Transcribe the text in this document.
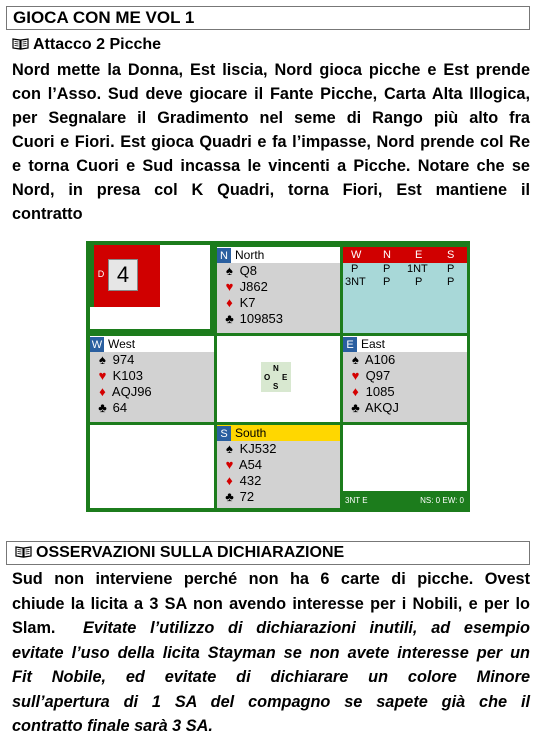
GIOCA CON ME VOL 1
Attacco 2 Picche
Nord mette la Donna, Est liscia, Nord gioca picche e Est prende
con l’Asso. Sud deve giocare il Fante Picche, Carta Alta Illogica,
per Segnalare il Gradimento nel seme di Rango più alto fra
Cuori e Fiori. Est gioca Quadri e fa l’impasse, Nord prende col Re
e torna Cuori e Sud incassa le vincenti a Picche. Notare che se
Nord, in presa col K Quadri, torna Fiori, Est mantiene il
contratto
D 4
N North
♠ Q8
♥ J862
♦ K7
♣ 109853
W N E S
P P 1NT P
3NT P P P
W West
♠ 974
♥ K103
♦ AQJ96
♣ 64
N
O E
S
E East
♠ A106
♥ Q97
♦ 1085
♣ AKQJ
S South
♠ KJ532
♥ A54
♦ 432
♣ 72	3NT E	NS: 0 EW: 0
OSSERVAZIONI SULLA DICHIARAZIONE
Sud non interviene perché non ha 6 carte di picche. Ovest
chiude la licita a 3 SA non avendo interesse per i Nobili, e per lo
Slam. Evitate l’utilizzo di dichiarazioni inutili, ad esempio
evitate l’uso della licita Stayman se non avete interesse per un
Fit Nobile, ed evitate di dichiarare un colore Minore
sull’apertura di 1 SA del compagno se sapete già che il
contratto finale sarà 3 SA.
